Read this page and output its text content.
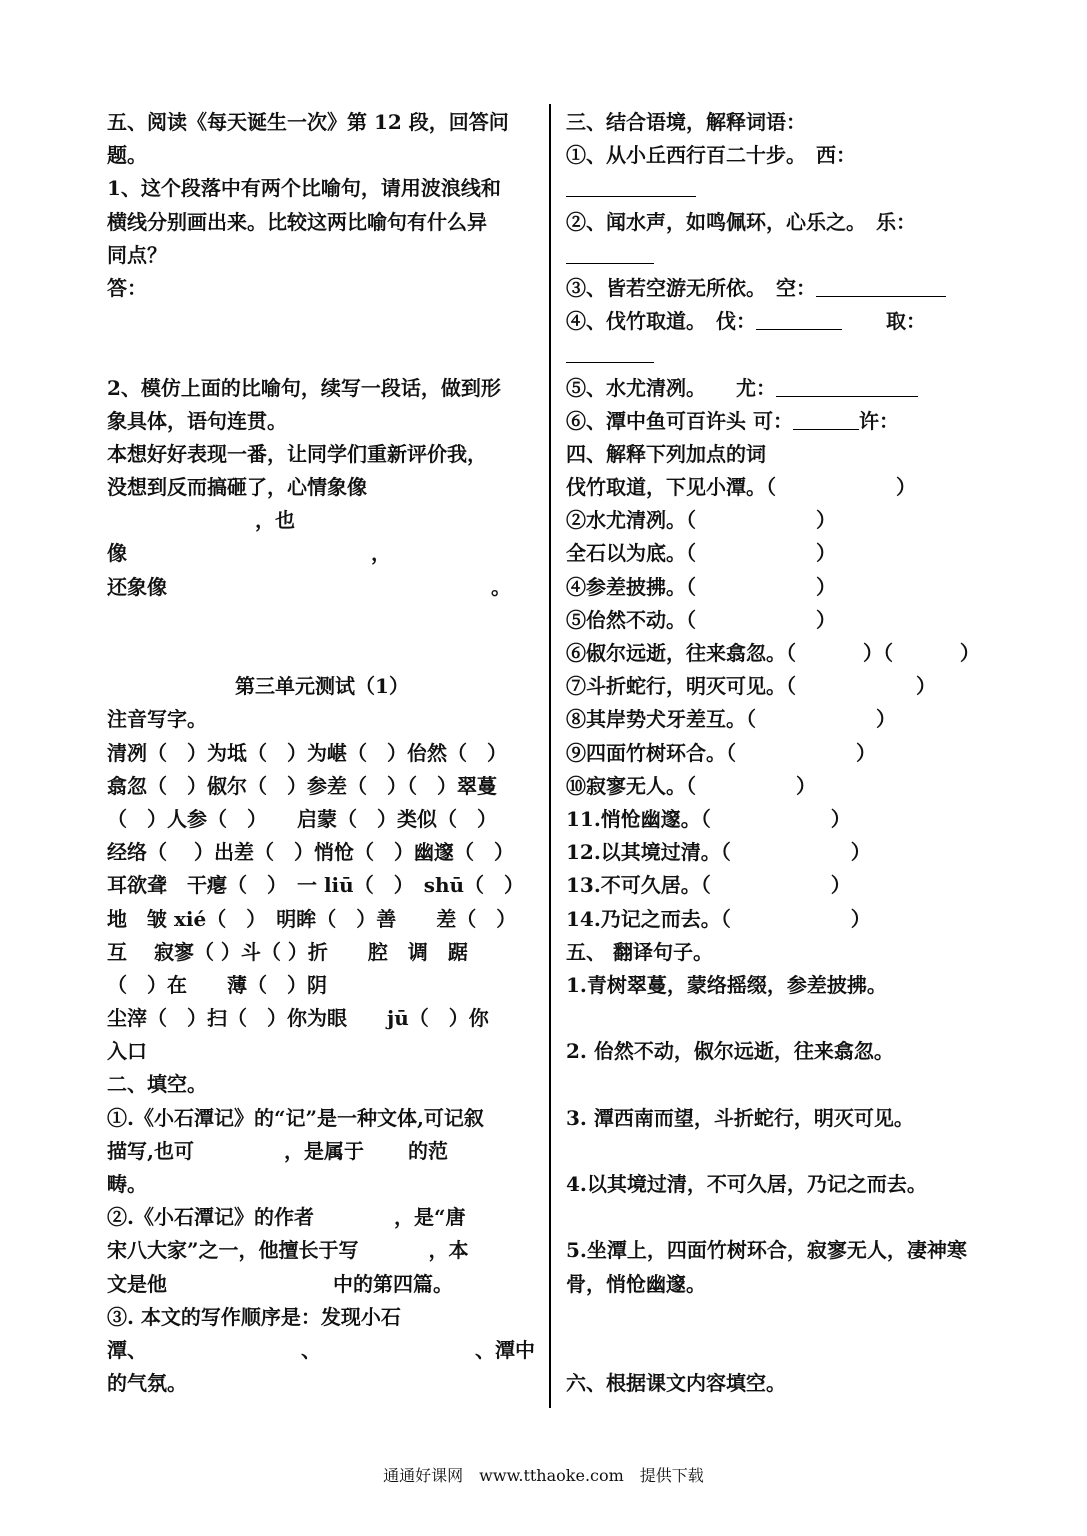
五、阅读《每天诞生一次》第 12 段，回答问
题。
1、这个段落中有两个比喻句，请用波浪线和
横线分别画出来。比较这两比喻句有什么异
同点？
答：
2、模仿上面的比喻句，续写一段话，做到形
象具体，语句连贯。
本想好好表现一番，让同学们重新评价我，
没想到反而搞砸了，心情象像
，也
像	，
还象像	。
第三单元测试（1）
注音写字。
清冽（　）为坻（　）为嵁（　）佁然（　）
翕忽（　）俶尔（　）参差（　）（　）翠蔓
（　）人参（　）　　启蒙（　）类似（　）
经络（　 ）出差（　）悄怆（　）幽邃（　）
耳欲聋　干瘪（　）　一 liū（　）　shū（　）
地　皱 xié（　）　明眸（　）善　　差（　）
互　 寂寥（ ）斗（ ）折　　腔　调　踞
（　）在　　薄（　）阴
尘滓（　）扫（　）你为眼　　jū（　）你
入口
二、填空。
①.《小石潭记》的“记”是一种文体,可记叙
描写,也可	，是属于 的范
畴。
②.《小石潭记》的作者	，是“唐
宋八大家”之一，他擅长于写	，本
文是他	中的第四篇。
③. 本文的写作顺序是：发现小石
潭、	、	、潭中
的气氛。
三、结合语境，解释词语：
①、从小丘西行百二十步。　西：
②、闻水声，如鸣佩环，心乐之。　乐：
③、皆若空游无所依。　空：
④、伐竹取道。　伐：	取：
⑤、水尤清冽。　　尤：
⑥、潭中鱼可百许头 可：	许：
四、解释下列加点的词
伐竹取道，下见小潭。（　　　　　　）
②水尤清冽。（　　　　　　）
全石以为底。（　　　　　　）
④参差披拂。（　　　　　　）
⑤佁然不动。（　　　　　　）
⑥俶尔远逝，往来翕忽。（　　　 ）（　　　 ）
⑦斗折蛇行，明灭可见。（　　　　　　）
⑧其岸势犬牙差互。（　　　　　　）
⑨四面竹树环合。（　　　　　　）
⑩寂寥无人。（　　　　　）
11.悄怆幽邃。（　　　　　　）
12.以其境过清。（　　　　　　）
13.不可久居。（　　　　　　）
14.乃记之而去。（　　　　　　）
五、 翻译句子。
1.青树翠蔓，蒙络摇缀，参差披拂。
2. 佁然不动，俶尔远逝，往来翕忽。
3. 潭西南而望，斗折蛇行，明灭可见。
4.以其境过清，不可久居，乃记之而去。
5.坐潭上，四面竹树环合，寂寥无人，凄神寒
骨，悄怆幽邃。
六、根据课文内容填空。
通通好课网　www.tthaoke.com　提供下载
